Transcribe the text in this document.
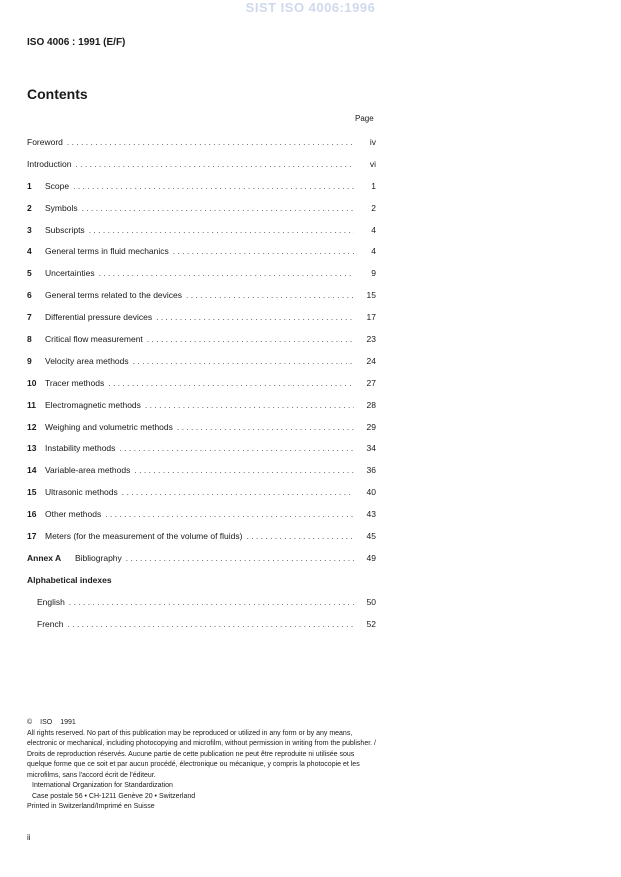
SIST ISO 4006:1996
ISO 4006 : 1991 (E/F)
Contents
Page
Foreword . . .	iv
Introduction . . .	vi
1	Scope . . .	1
2	Symbols . . .	2
3	Subscripts . . .	4
4	General terms in fluid mechanics . . .	4
5	Uncertainties . . .	9
6	General terms related to the devices . . .	15
7	Differential pressure devices . . .	17
8	Critical flow measurement . . .	23
9	Velocity area methods . . .	24
10	Tracer methods . . .	27
11	Electromagnetic methods . . .	28
12	Weighing and volumetric methods . . .	29
13	Instability methods . . .	34
14	Variable-area methods . . .	36
15	Ultrasonic methods . . .	40
16	Other methods . . .	43
17	Meters (for the measurement of the volume of fluids) . . .	45
Annex A	Bibliography . . .	49
Alphabetical indexes
English . . .	50
French . . .	52
© ISO 1991
All rights reserved. No part of this publication may be reproduced or utilized in any form or by any means, electronic or mechanical, including photocopying and microfilm, without permission in writing from the publisher. / Droits de reproduction réservés. Aucune partie de cette publication ne peut être reproduite ni utilisée sous quelque forme que ce soit et par aucun procédé, électronique ou mécanique, y compris la photocopie et les microfilms, sans l'accord écrit de l'éditeur.
International Organization for Standardization
Case postale 56 • CH-1211 Genève 20 • Switzerland
Printed in Switzerland/Imprimé en Suisse
ii
